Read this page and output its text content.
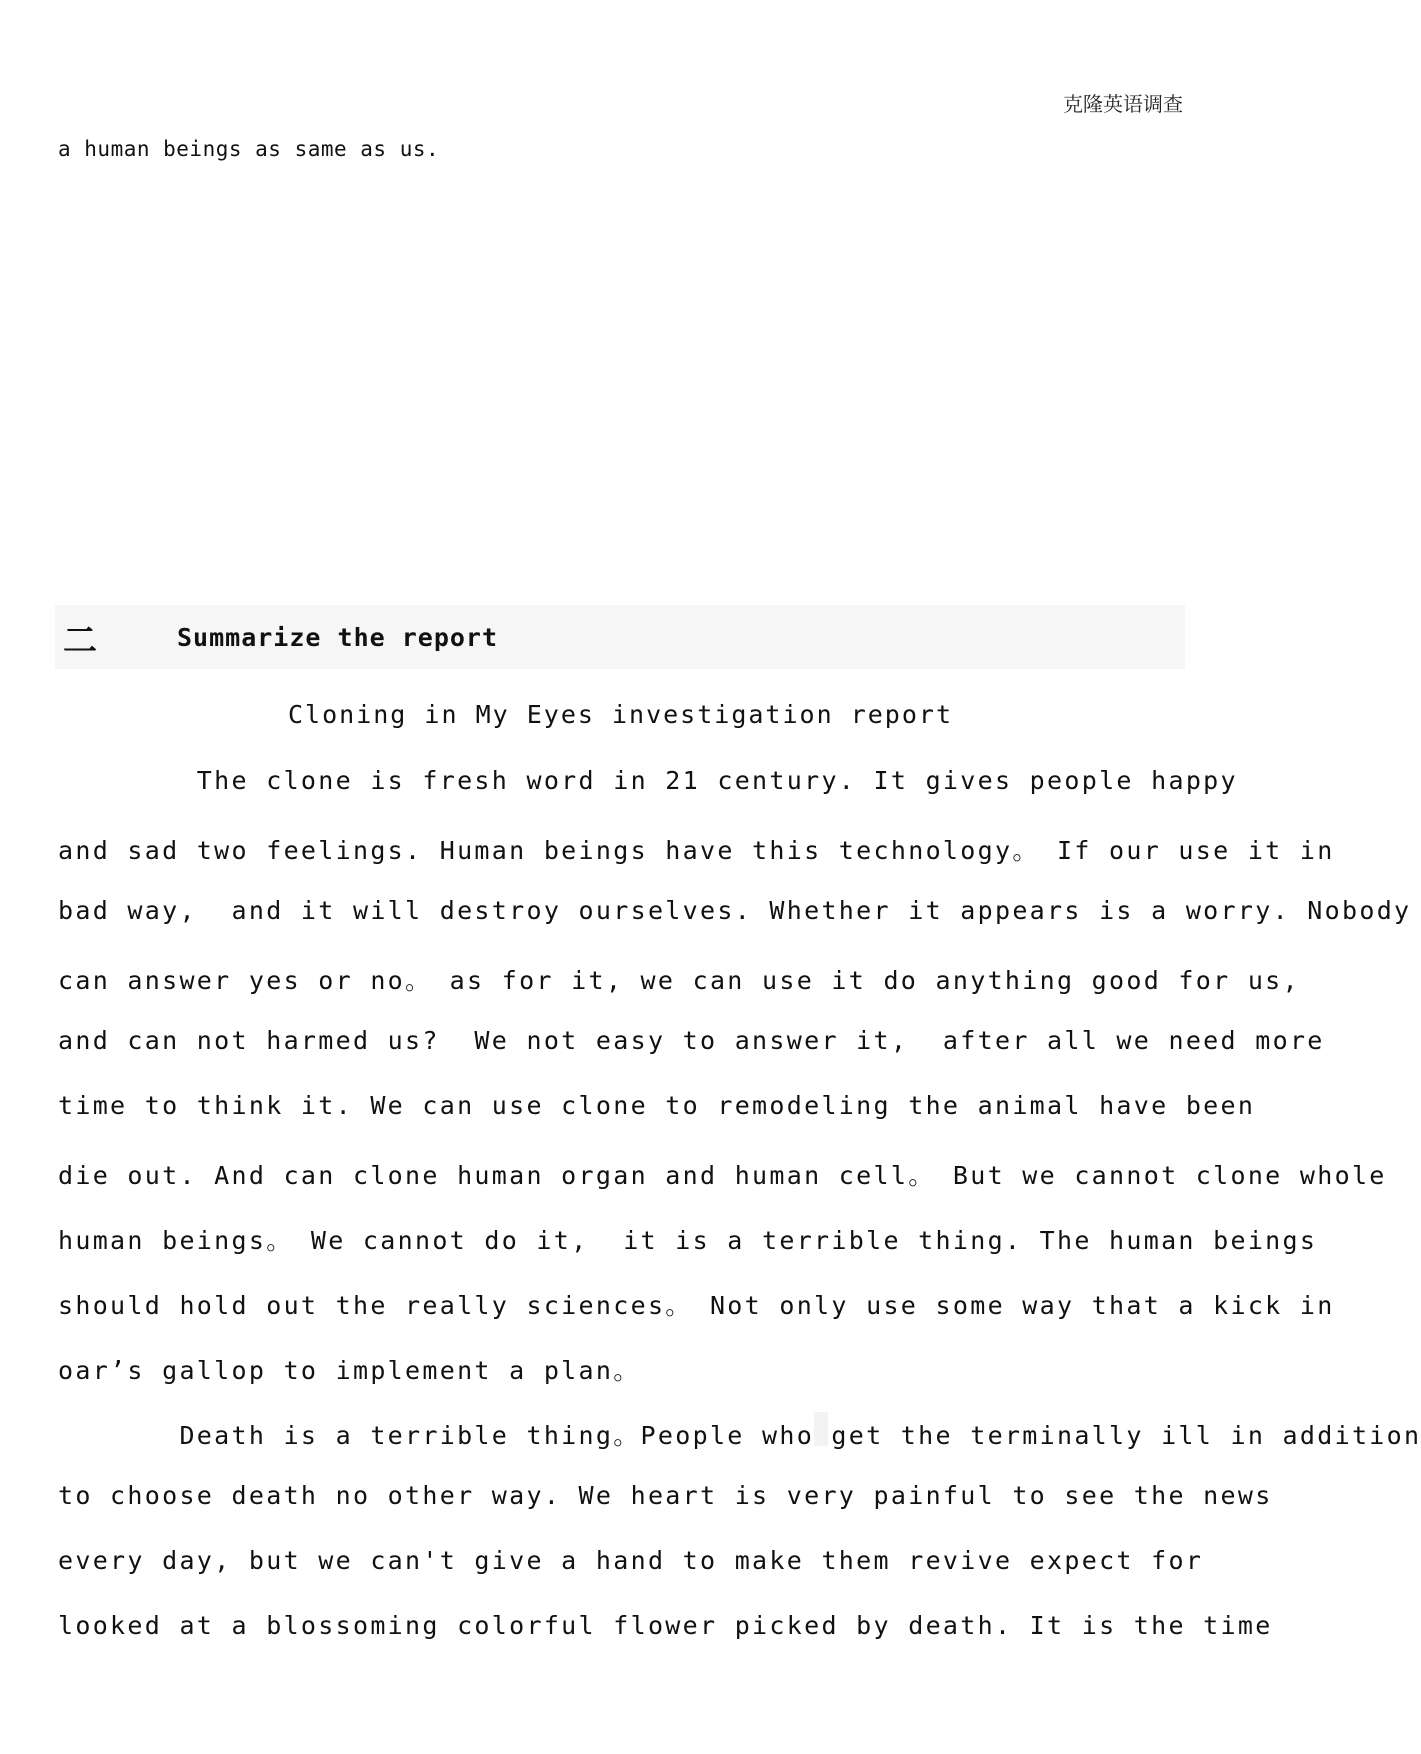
克隆英语调查
a human beings as same as us.
二	Summarize the report
Cloning in My Eyes investigation report
The clone is fresh word in 21 century. It gives people happy
and sad two feelings. Human beings have this technology。 If our use it in
bad way,  and it will destroy ourselves. Whether it appears is a worry. Nobody
can answer yes or no。 as for it, we can use it do anything good for us,
and can not harmed us?  We not easy to answer it,  after all we need more
time to think it. We can use clone to remodeling the animal have been
die out. And can clone human organ and human cell。 But we cannot clone whole
human beings。 We cannot do it,  it is a terrible thing. The human beings
should hold out the really sciences。 Not only use some way that a kick in
oar’s gallop to implement a plan。
Death is a terrible thing。People who get the terminally ill in addition
to choose death no other way. We heart is very painful to see the news
every day, but we can't give a hand to make them revive expect for
looked at a blossoming colorful flower picked by death. It is the time
